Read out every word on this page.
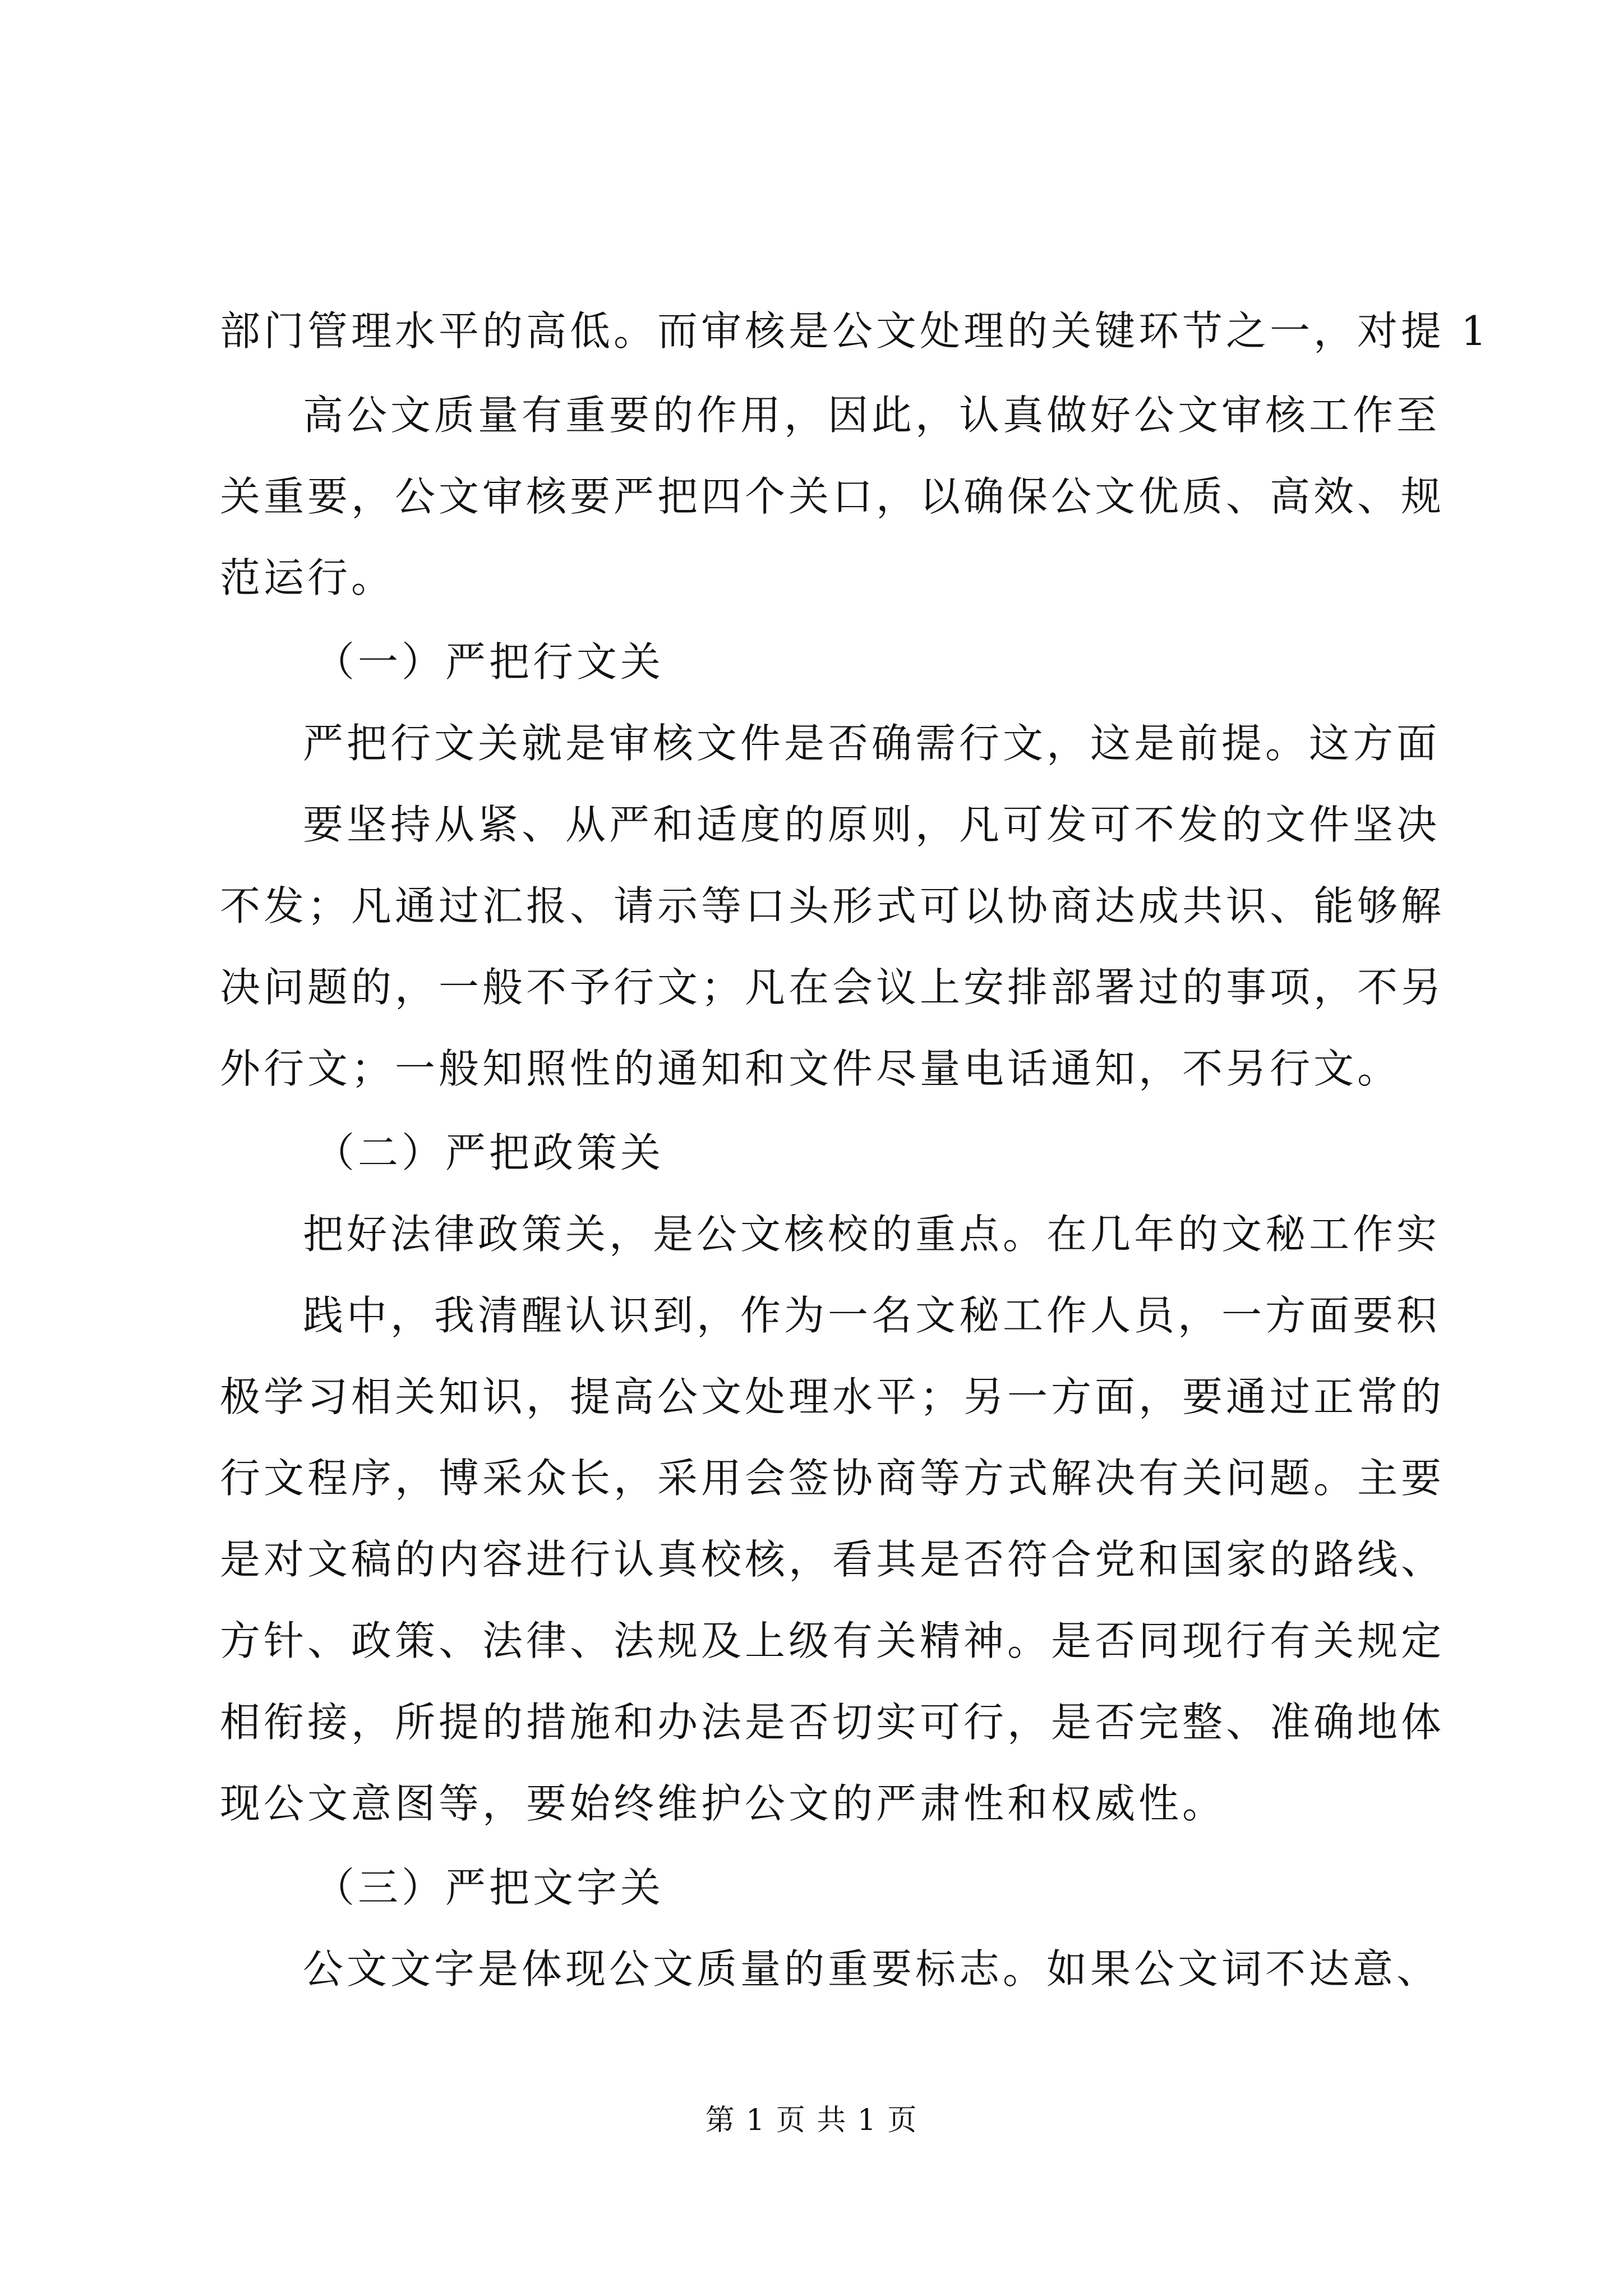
部门管理水平的高低。而审核是公文处理的关键环节之一，对提 1
高公文质量有重要的作用，因此，认真做好公文审核工作至
关重要，公文审核要严把四个关口，以确保公文优质、高效、规
范运行。
（一）严把行文关
严把行文关就是审核文件是否确需行文，这是前提。这方面
要坚持从紧、从严和适度的原则，凡可发可不发的文件坚决
不发；凡通过汇报、请示等口头形式可以协商达成共识、能够解
决问题的，一般不予行文；凡在会议上安排部署过的事项，不另
外行文；一般知照性的通知和文件尽量电话通知，不另行文。
（二）严把政策关
把好法律政策关，是公文核校的重点。在几年的文秘工作实
践中，我清醒认识到，作为一名文秘工作人员，一方面要积
极学习相关知识，提高公文处理水平；另一方面，要通过正常的
行文程序，博采众长，采用会签协商等方式解决有关问题。主要
是对文稿的内容进行认真校核，看其是否符合党和国家的路线、
方针、政策、法律、法规及上级有关精神。是否同现行有关规定
相衔接，所提的措施和办法是否切实可行，是否完整、准确地体
现公文意图等，要始终维护公文的严肃性和权威性。
（三）严把文字关
公文文字是体现公文质量的重要标志。如果公文词不达意、
第 1 页 共 1 页
